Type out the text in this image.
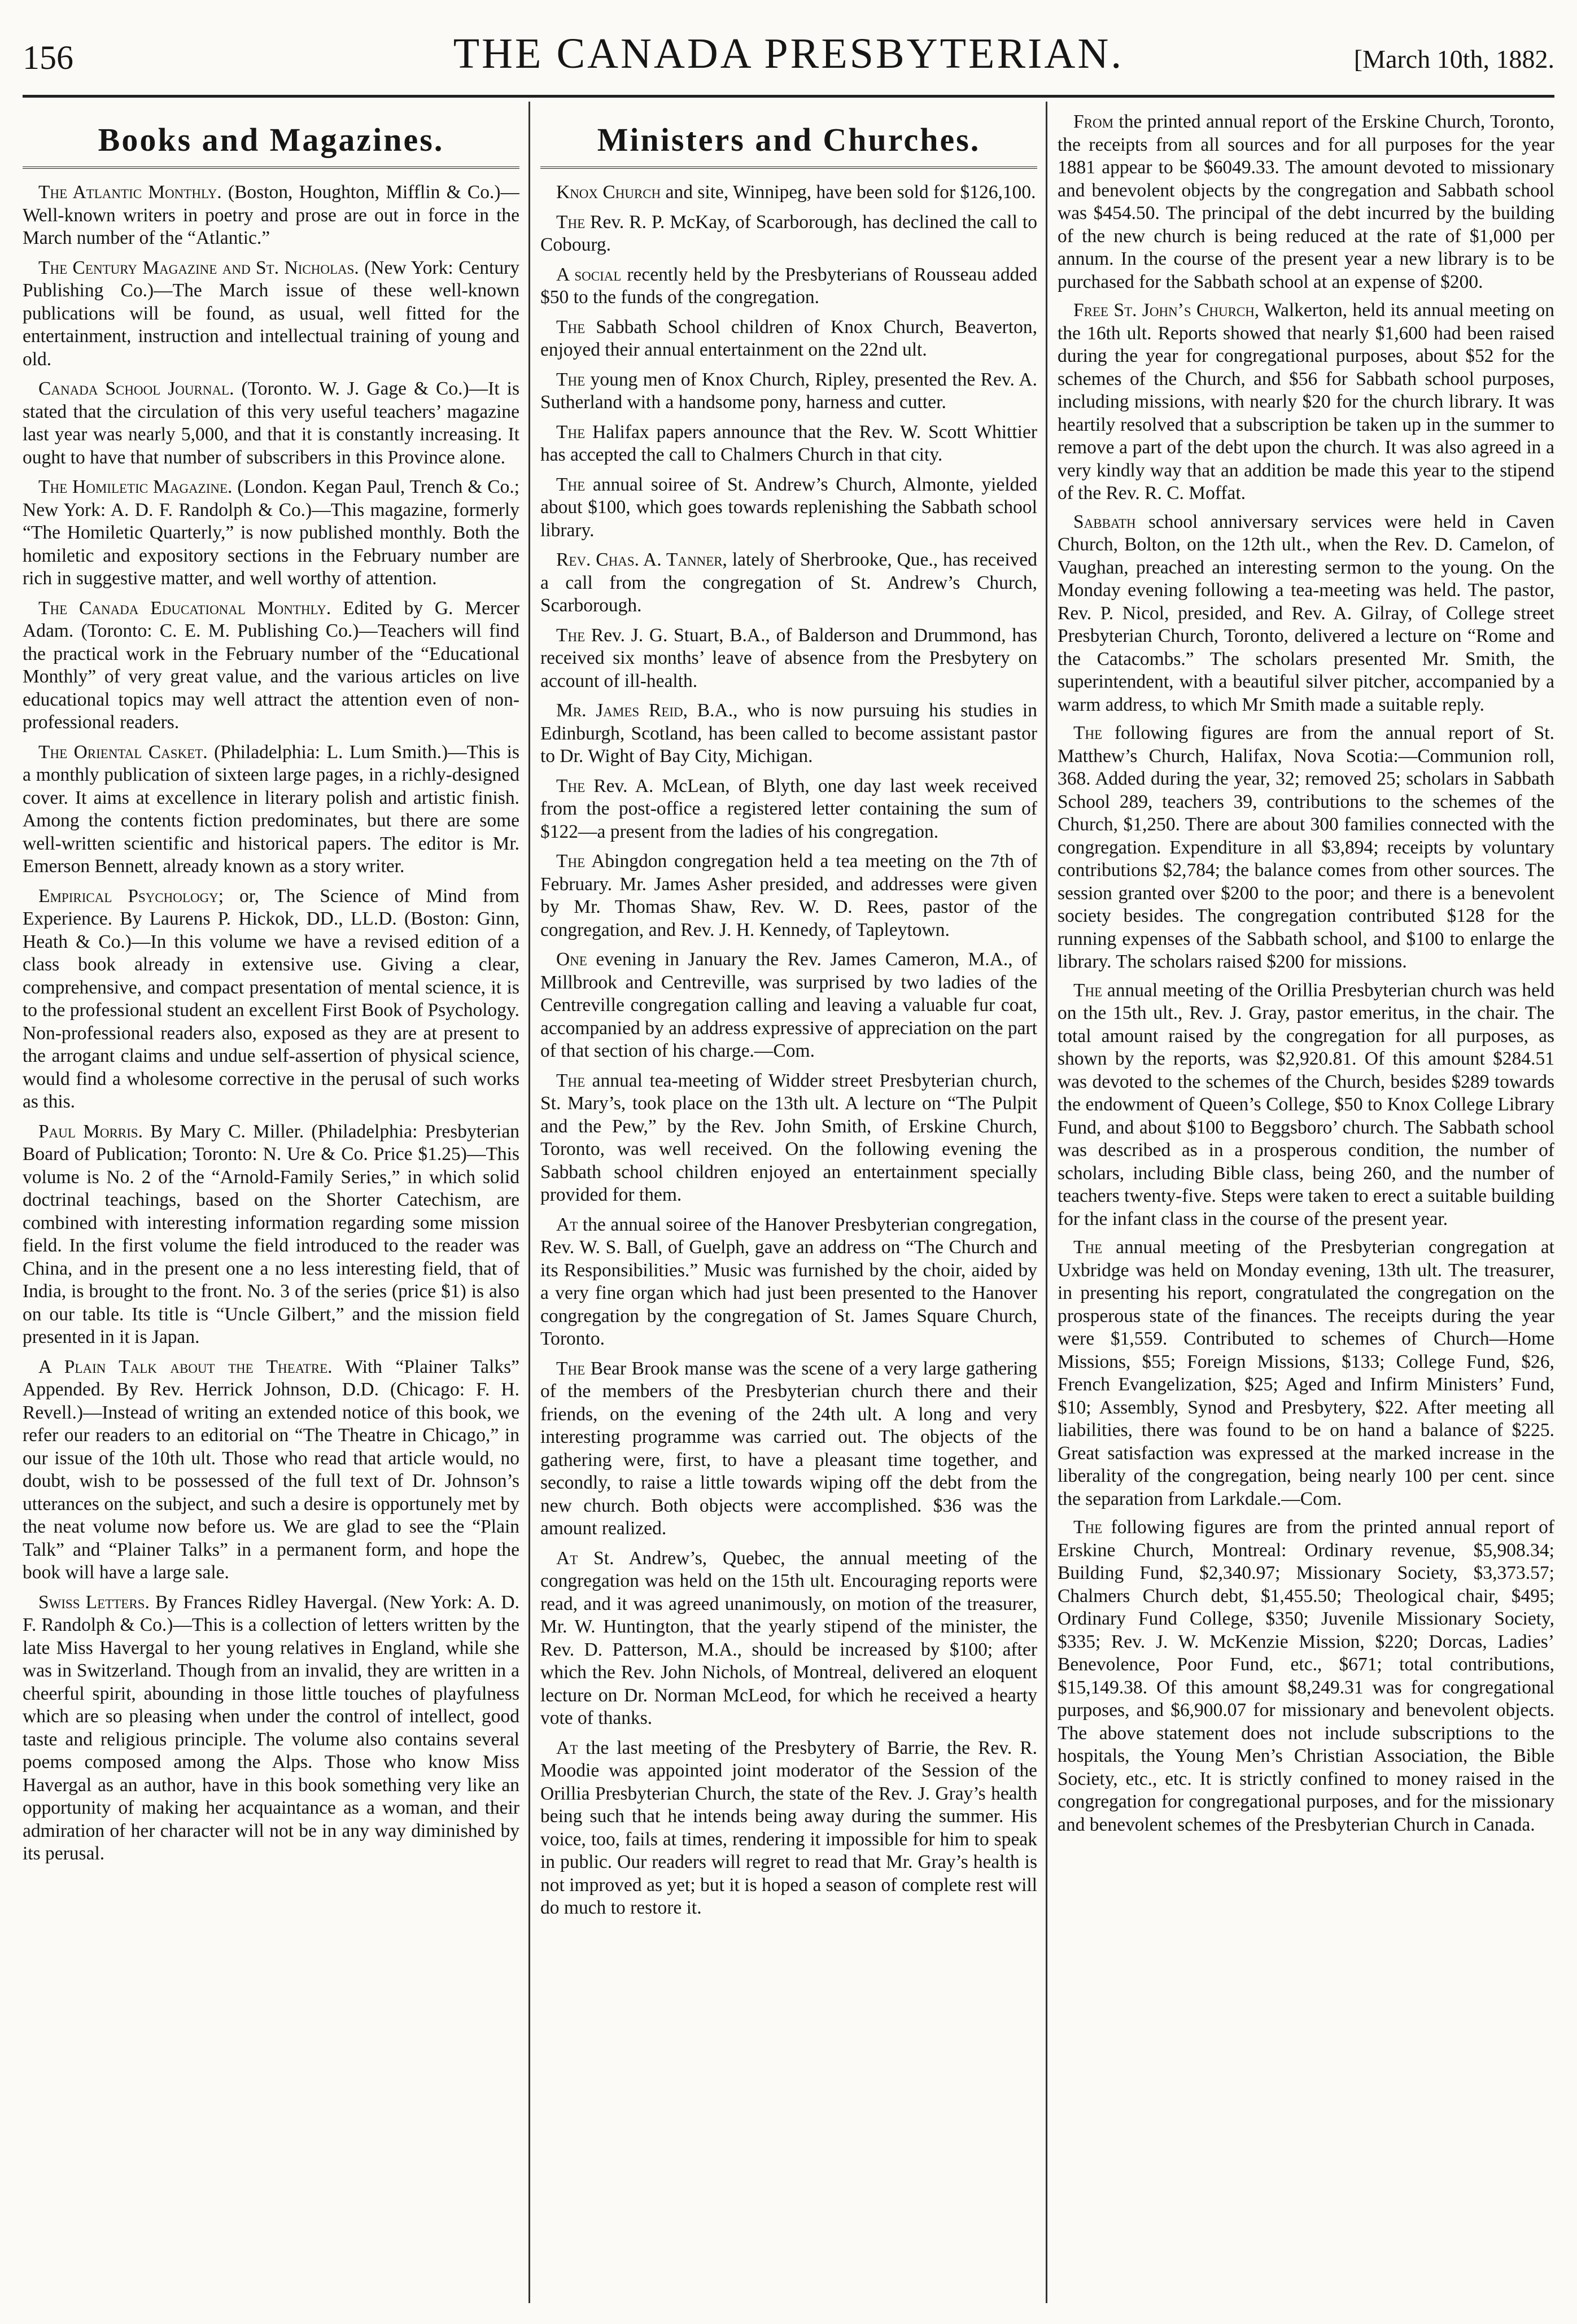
156	THE CANADA PRESBYTERIAN.	[March 10th, 1882.
Books and Magazines.

The Atlantic Monthly. (Boston, Houghton, Mifflin & Co.)—Well-known writers in poetry and prose are out in force in the March number of the “Atlantic.”

The Century Magazine and St. Nicholas. (New York: Century Publishing Co.)—The March issue of these well-known publications will be found, as usual, well fitted for the entertainment, instruction and intellectual training of young and old.

Canada School Journal. (Toronto. W. J. Gage & Co.)—It is stated that the circulation of this very useful teachers’ magazine last year was nearly 5,000, and that it is constantly increasing. It ought to have that number of subscribers in this Province alone.

The Homiletic Magazine. (London. Kegan Paul, Trench & Co.; New York: A. D. F. Randolph & Co.)—This magazine, formerly “The Homiletic Quarterly,” is now published monthly. Both the homiletic and expository sections in the February number are rich in suggestive matter, and well worthy of attention.

The Canada Educational Monthly. Edited by G. Mercer Adam. (Toronto: C. E. M. Publishing Co.)—Teachers will find the practical work in the February number of the “Educational Monthly” of very great value, and the various articles on live educational topics may well attract the attention even of non-professional readers.

The Oriental Casket. (Philadelphia: L. Lum Smith.)—This is a monthly publication of sixteen large pages, in a richly-designed cover. It aims at excellence in literary polish and artistic finish. Among the contents fiction predominates, but there are some well-written scientific and historical papers. The editor is Mr. Emerson Bennett, already known as a story writer.

Empirical Psychology; or, The Science of Mind from Experience. By Laurens P. Hickok, DD., LL.D. (Boston: Ginn, Heath & Co.)—In this volume we have a revised edition of a class book already in extensive use. Giving a clear, comprehensive, and compact presentation of mental science, it is to the professional student an excellent First Book of Psychology. Non-professional readers also, exposed as they are at present to the arrogant claims and undue self-assertion of physical science, would find a wholesome corrective in the perusal of such works as this.

Paul Morris. By Mary C. Miller. (Philadelphia: Presbyterian Board of Publication; Toronto: N. Ure & Co. Price $1.25)—This volume is No. 2 of the “Arnold-Family Series,” in which solid doctrinal teachings, based on the Shorter Catechism, are combined with interesting information regarding some mission field. In the first volume the field introduced to the reader was China, and in the present one a no less interesting field, that of India, is brought to the front. No. 3 of the series (price $1) is also on our table. Its title is “Uncle Gilbert,” and the mission field presented in it is Japan.

A Plain Talk about the Theatre. With “Plainer Talks” Appended. By Rev. Herrick Johnson, D.D. (Chicago: F. H. Revell.)—Instead of writing an extended notice of this book, we refer our readers to an editorial on “The Theatre in Chicago,” in our issue of the 10th ult. Those who read that article would, no doubt, wish to be possessed of the full text of Dr. Johnson’s utterances on the subject, and such a desire is opportunely met by the neat volume now before us. We are glad to see the “Plain Talk” and “Plainer Talks” in a permanent form, and hope the book will have a large sale.

Swiss Letters. By Frances Ridley Havergal. (New York: A. D. F. Randolph & Co.)—This is a collection of letters written by the late Miss Havergal to her young relatives in England, while she was in Switzerland. Though from an invalid, they are written in a cheerful spirit, abounding in those little touches of playfulness which are so pleasing when under the control of intellect, good taste and religious principle. The volume also contains several poems composed among the Alps. Those who know Miss Havergal as an author, have in this book something very like an opportunity of making her acquaintance as a woman, and their admiration of her character will not be in any way diminished by its perusal.

Ministers and Churches.

Knox Church and site, Winnipeg, have been sold for $126,100.

The Rev. R. P. McKay, of Scarborough, has declined the call to Cobourg.

A social recently held by the Presbyterians of Rousseau added $50 to the funds of the congregation.

The Sabbath School children of Knox Church, Beaverton, enjoyed their annual entertainment on the 22nd ult.

The young men of Knox Church, Ripley, presented the Rev. A. Sutherland with a handsome pony, harness and cutter.

The Halifax papers announce that the Rev. W. Scott Whittier has accepted the call to Chalmers Church in that city.

The annual soiree of St. Andrew’s Church, Almonte, yielded about $100, which goes towards replenishing the Sabbath school library.

Rev. Chas. A. Tanner, lately of Sherbrooke, Que., has received a call from the congregation of St. Andrew’s Church, Scarborough.

The Rev. J. G. Stuart, B.A., of Balderson and Drummond, has received six months’ leave of absence from the Presbytery on account of ill-health.

Mr. James Reid, B.A., who is now pursuing his studies in Edinburgh, Scotland, has been called to become assistant pastor to Dr. Wight of Bay City, Michigan.

The Rev. A. McLean, of Blyth, one day last week received from the post-office a registered letter containing the sum of $122—a present from the ladies of his congregation.

The Abingdon congregation held a tea meeting on the 7th of February. Mr. James Asher presided, and addresses were given by Mr. Thomas Shaw, Rev. W. D. Rees, pastor of the congregation, and Rev. J. H. Kennedy, of Tapleytown.

One evening in January the Rev. James Cameron, M.A., of Millbrook and Centreville, was surprised by two ladies of the Centreville congregation calling and leaving a valuable fur coat, accompanied by an address expressive of appreciation on the part of that section of his charge.—Com.

The annual tea-meeting of Widder street Presbyterian church, St. Mary’s, took place on the 13th ult. A lecture on “The Pulpit and the Pew,” by the Rev. John Smith, of Erskine Church, Toronto, was well received. On the following evening the Sabbath school children enjoyed an entertainment specially provided for them.

At the annual soiree of the Hanover Presbyterian congregation, Rev. W. S. Ball, of Guelph, gave an address on “The Church and its Responsibilities.” Music was furnished by the choir, aided by a very fine organ which had just been presented to the Hanover congregation by the congregation of St. James Square Church, Toronto.

The Bear Brook manse was the scene of a very large gathering of the members of the Presbyterian church there and their friends, on the evening of the 24th ult. A long and very interesting programme was carried out. The objects of the gathering were, first, to have a pleasant time together, and secondly, to raise a little towards wiping off the debt from the new church. Both objects were accomplished. $36 was the amount realized.

At St. Andrew’s, Quebec, the annual meeting of the congregation was held on the 15th ult. Encouraging reports were read, and it was agreed unanimously, on motion of the treasurer, Mr. W. Huntington, that the yearly stipend of the minister, the Rev. D. Patterson, M.A., should be increased by $100; after which the Rev. John Nichols, of Montreal, delivered an eloquent lecture on Dr. Norman McLeod, for which he received a hearty vote of thanks.

At the last meeting of the Presbytery of Barrie, the Rev. R. Moodie was appointed joint moderator of the Session of the Orillia Presbyterian Church, the state of the Rev. J. Gray’s health being such that he intends being away during the summer. His voice, too, fails at times, rendering it impossible for him to speak in public. Our readers will regret to read that Mr. Gray’s health is not improved as yet; but it is hoped a season of complete rest will do much to restore it.

From the printed annual report of the Erskine Church, Toronto, the receipts from all sources and for all purposes for the year 1881 appear to be $6049.33. The amount devoted to missionary and benevolent objects by the congregation and Sabbath school was $454.50. The principal of the debt incurred by the building of the new church is being reduced at the rate of $1,000 per annum. In the course of the present year a new library is to be purchased for the Sabbath school at an expense of $200.

Free St. John’s Church, Walkerton, held its annual meeting on the 16th ult. Reports showed that nearly $1,600 had been raised during the year for congregational purposes, about $52 for the schemes of the Church, and $56 for Sabbath school purposes, including missions, with nearly $20 for the church library. It was heartily resolved that a subscription be taken up in the summer to remove a part of the debt upon the church. It was also agreed in a very kindly way that an addition be made this year to the stipend of the Rev. R. C. Moffat.

Sabbath school anniversary services were held in Caven Church, Bolton, on the 12th ult., when the Rev. D. Camelon, of Vaughan, preached an interesting sermon to the young. On the Monday evening following a tea-meeting was held. The pastor, Rev. P. Nicol, presided, and Rev. A. Gilray, of College street Presbyterian Church, Toronto, delivered a lecture on “Rome and the Catacombs.” The scholars presented Mr. Smith, the superintendent, with a beautiful silver pitcher, accompanied by a warm address, to which Mr Smith made a suitable reply.

The following figures are from the annual report of St. Matthew’s Church, Halifax, Nova Scotia:—Communion roll, 368. Added during the year, 32; removed 25; scholars in Sabbath School 289, teachers 39, contributions to the schemes of the Church, $1,250. There are about 300 families connected with the congregation. Expenditure in all $3,894; receipts by voluntary contributions $2,784; the balance comes from other sources. The session granted over $200 to the poor; and there is a benevolent society besides. The congregation contributed $128 for the running expenses of the Sabbath school, and $100 to enlarge the library. The scholars raised $200 for missions.

The annual meeting of the Orillia Presbyterian church was held on the 15th ult., Rev. J. Gray, pastor emeritus, in the chair. The total amount raised by the congregation for all purposes, as shown by the reports, was $2,920.81. Of this amount $284.51 was devoted to the schemes of the Church, besides $289 towards the endowment of Queen’s College, $50 to Knox College Library Fund, and about $100 to Beggsboro’ church. The Sabbath school was described as in a prosperous condition, the number of scholars, including Bible class, being 260, and the number of teachers twenty-five. Steps were taken to erect a suitable building for the infant class in the course of the present year.

The annual meeting of the Presbyterian congregation at Uxbridge was held on Monday evening, 13th ult. The treasurer, in presenting his report, congratulated the congregation on the prosperous state of the finances. The receipts during the year were $1,559. Contributed to schemes of Church—Home Missions, $55; Foreign Missions, $133; College Fund, $26, French Evangelization, $25; Aged and Infirm Ministers’ Fund, $10; Assembly, Synod and Presbytery, $22. After meeting all liabilities, there was found to be on hand a balance of $225. Great satisfaction was expressed at the marked increase in the liberality of the congregation, being nearly 100 per cent. since the separation from Larkdale.—Com.

The following figures are from the printed annual report of Erskine Church, Montreal: Ordinary revenue, $5,908.34; Building Fund, $2,340.97; Missionary Society, $3,373.57; Chalmers Church debt, $1,455.50; Theological chair, $495; Ordinary Fund College, $350; Juvenile Missionary Society, $335; Rev. J. W. McKenzie Mission, $220; Dorcas, Ladies’ Benevolence, Poor Fund, etc., $671; total contributions, $15,149.38. Of this amount $8,249.31 was for congregational purposes, and $6,900.07 for missionary and benevolent objects. The above statement does not include subscriptions to the hospitals, the Young Men’s Christian Association, the Bible Society, etc., etc. It is strictly confined to money raised in the congregation for congregational purposes, and for the missionary and benevolent schemes of the Presbyterian Church in Canada.
